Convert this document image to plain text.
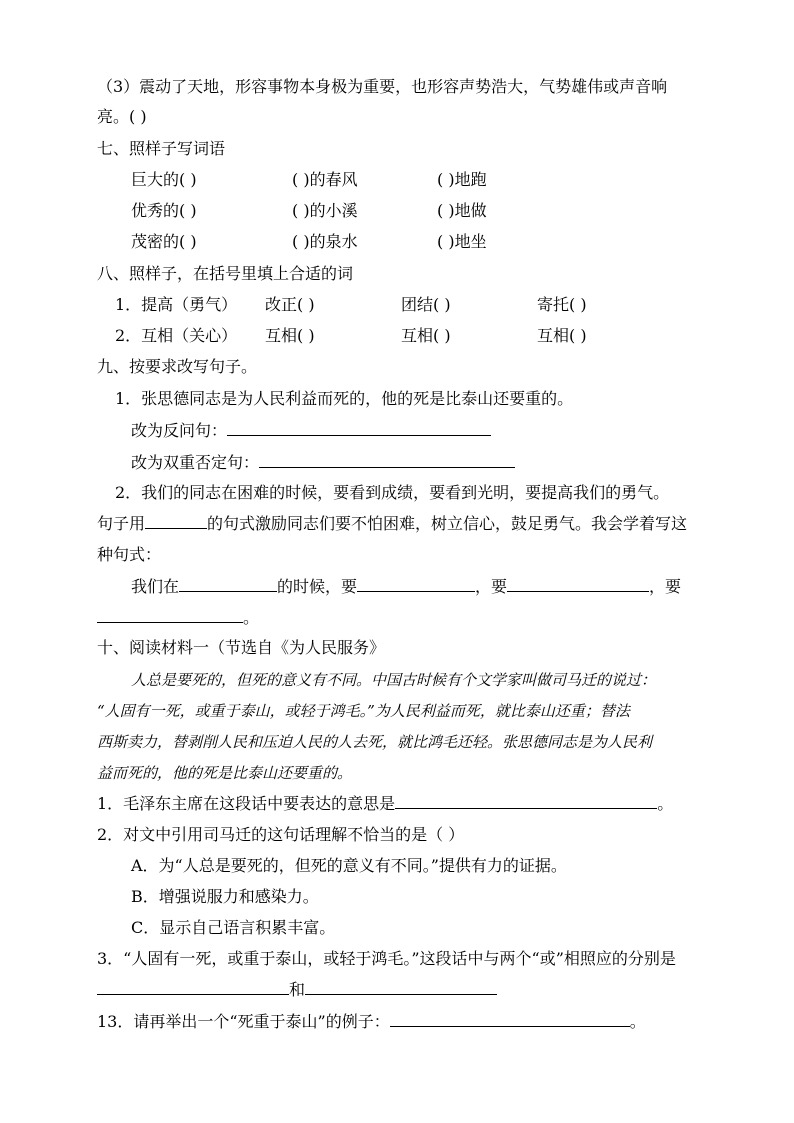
（3）震动了天地，形容事物本身极为重要，也形容声势浩大，气势雄伟或声音响
亮。( )
七、照样子写词语
巨大的( )	( )的春风	( )地跑
优秀的( )	( )的小溪	( )地做
茂密的( )	( )的泉水	( )地坐
八、照样子，在括号里填上合适的词
1．提高（勇气） 改正( )	团结( )	寄托( )
2．互相（关心） 互相( )	互相( )	互相( )
九、按要求改写句子。
1．张思德同志是为人民利益而死的，他的死是比泰山还要重的。
改为反问句：
改为双重否定句：
2．我们的同志在困难的时候，要看到成绩，要看到光明，要提高我们的勇气。
句子用	的句式激励同志们要不怕困难，树立信心，鼓足勇气。我会学着写这
种句式：
我们在	的时候，要	，要	，要
。
十、阅读材料一（节选自《为人民服务》
人总是要死的，但死的意义有不同。中国古时候有个文学家叫做司马迁的说过：
“人固有一死，或重于泰山，或轻于鸿毛。”为人民利益而死，就比泰山还重；替法
西斯卖力，替剥削人民和压迫人民的人去死，就比鸿毛还轻。张思德同志是为人民利
益而死的，他的死是比泰山还要重的。
1．毛泽东主席在这段话中要表达的意思是	。
2．对文中引用司马迁的这句话理解不恰当的是（ ）
A．为“人总是要死的，但死的意义有不同。”提供有力的证据。
B．增强说服力和感染力。
C．显示自己语言积累丰富。
3．“人固有一死，或重于泰山，或轻于鸿毛。”这段话中与两个“或”相照应的分别是
和
13．请再举出一个“死重于泰山”的例子：	。
